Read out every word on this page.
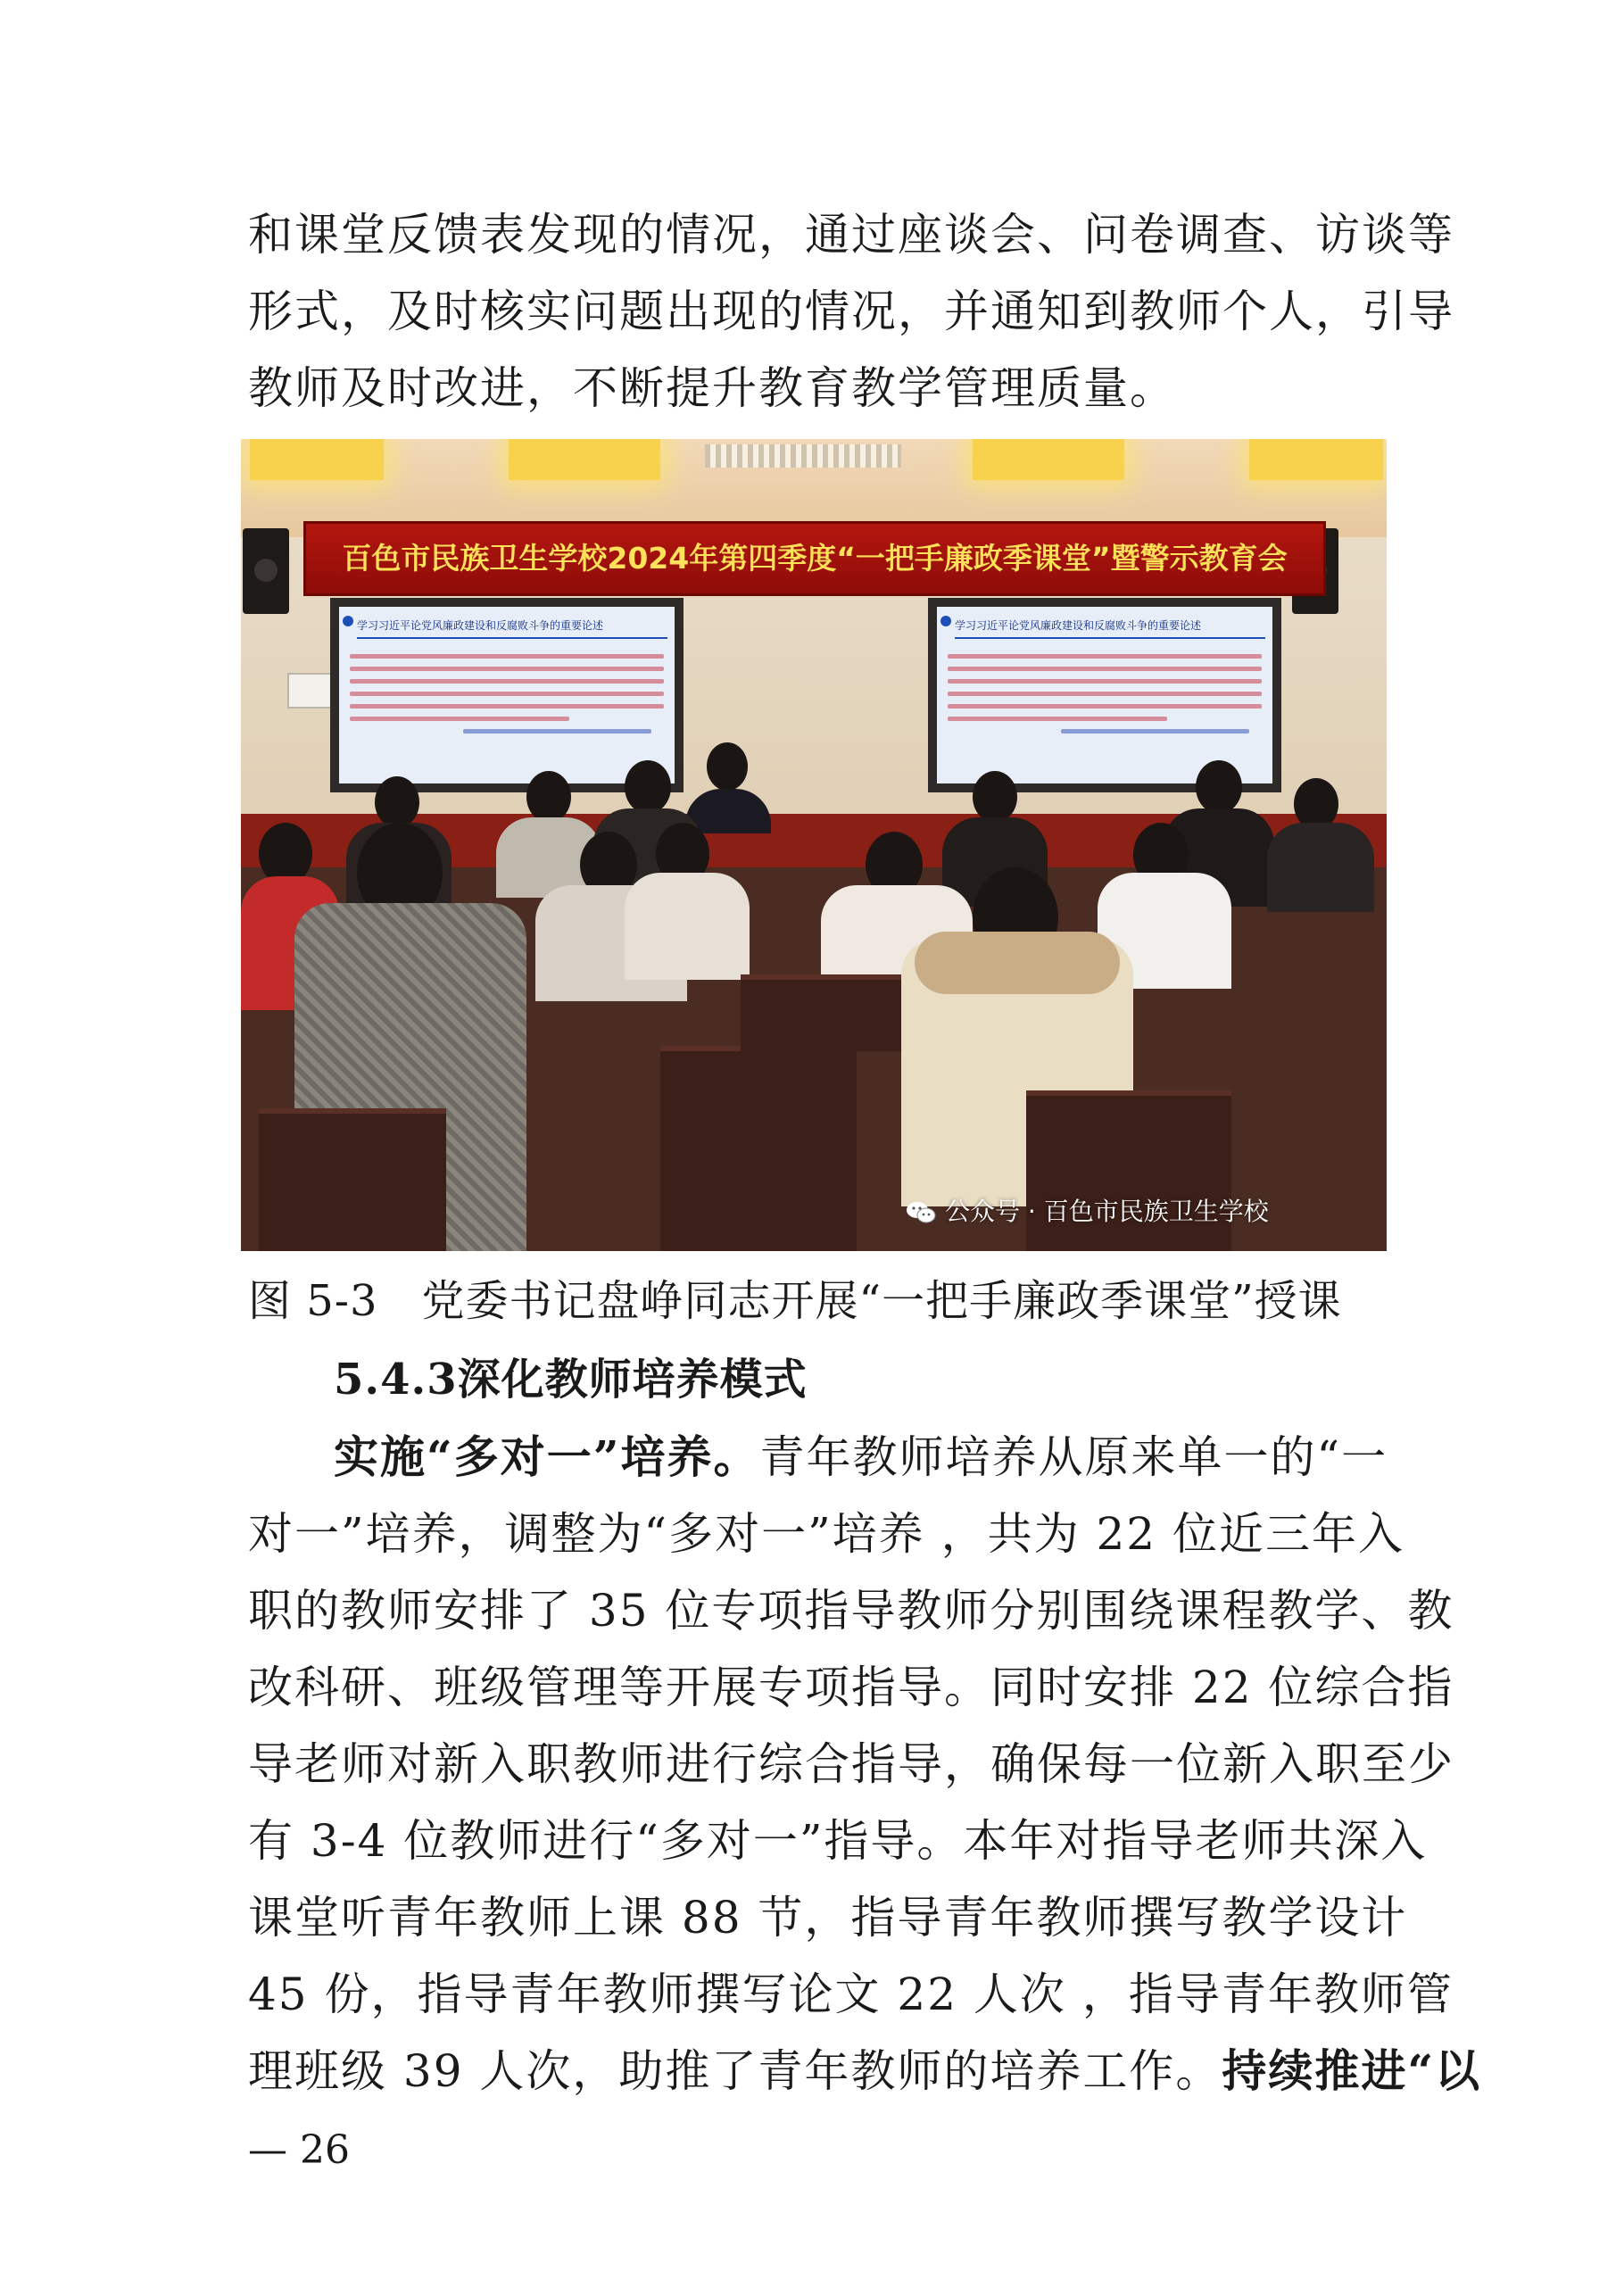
和课堂反馈表发现的情况，通过座谈会、问卷调查、访谈等
形式，及时核实问题出现的情况，并通知到教师个人，引导
教师及时改进，不断提升教育教学管理质量。
百色市民族卫生学校2024年第四季度“一把手廉政季课堂”暨警示教育会
学习习近平论党风廉政建设和反腐败斗争的重要论述	学习习近平论党风廉政建设和反腐败斗争的重要论述
公众号 · 百色市民族卫生学校
图 5-3　党委书记盘峥同志开展“一把手廉政季课堂”授课
5.4.3深化教师培养模式
实施“多对一”培养。青年教师培养从原来单一的“一
对一”培养，调整为“多对一”培养 ，共为 22 位近三年入
职的教师安排了 35 位专项指导教师分别围绕课程教学、教
改科研、班级管理等开展专项指导。同时安排 22 位综合指
导老师对新入职教师进行综合指导，确保每一位新入职至少
有 3-4 位教师进行“多对一”指导。本年对指导老师共深入
课堂听青年教师上课 88 节，指导青年教师撰写教学设计
45 份，指导青年教师撰写论文 22 人次 ，指导青年教师管
理班级 39 人次，助推了青年教师的培养工作。持续推进“以
— 26
